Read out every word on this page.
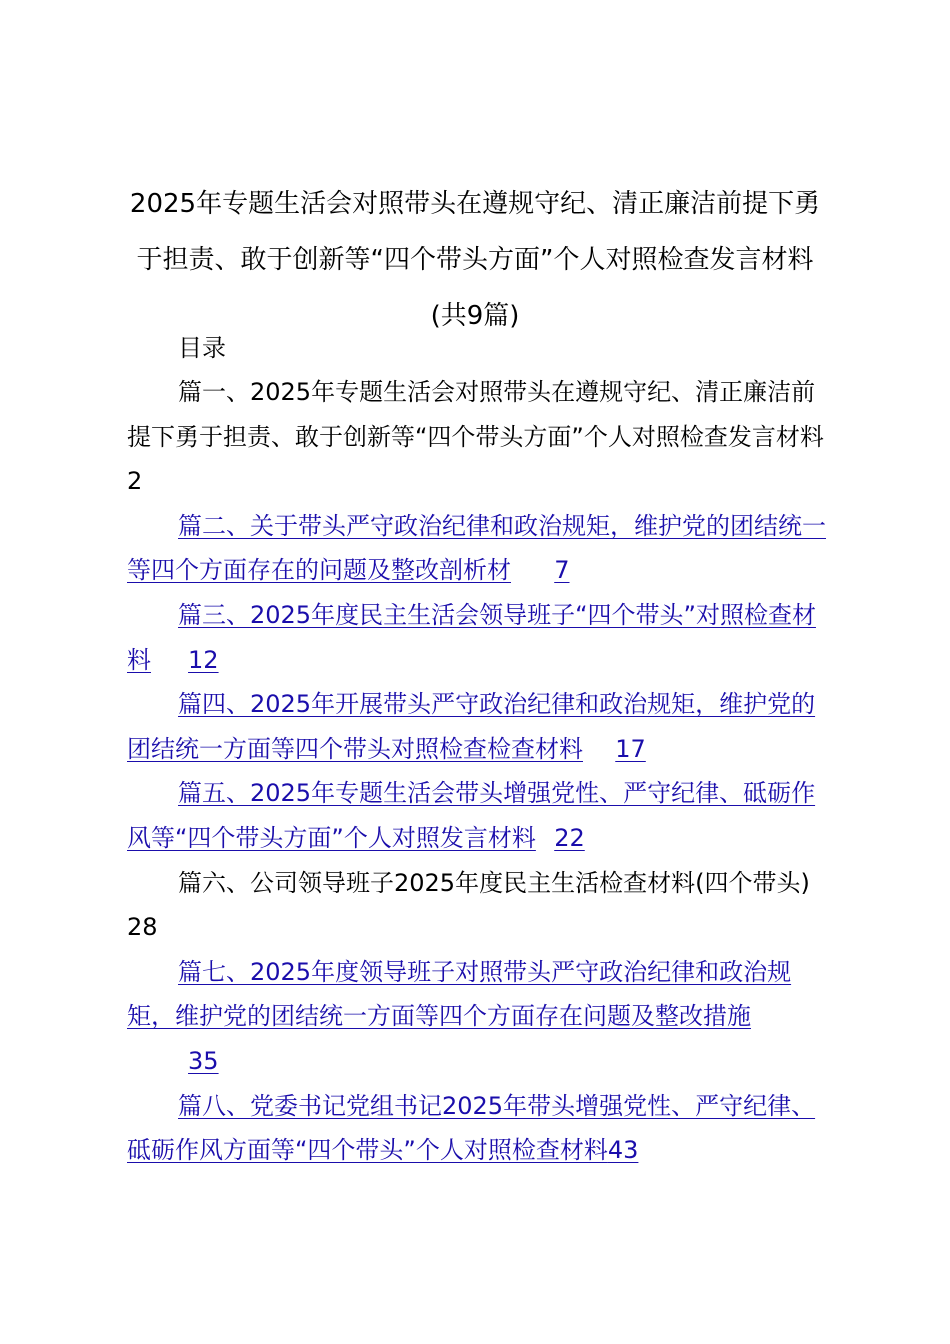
2025年专题生活会对照带头在遵规守纪、清正廉洁前提下勇于担责、敢于创新等“四个带头方面”个人对照检查发言材料(共9篇)
目录
篇一、2025年专题生活会对照带头在遵规守纪、清正廉洁前提下勇于担责、敢于创新等“四个带头方面”个人对照检查发言材料2
篇二、关于带头严守政治纪律和政治规矩，维护党的团结统一等四个方面存在的问题及整改剖析材	7
篇三、2025年度民主生活会领导班子“四个带头”对照检查材料	12
篇四、2025年开展带头严守政治纪律和政治规矩，维护党的团结统一方面等四个带头对照检查检查材料	17
篇五、2025年专题生活会带头增强党性、严守纪律、砥砺作风等“四个带头方面”个人对照发言材料	22
篇六、公司领导班子2025年度民主生活检查材料(四个带头)28
篇七、2025年度领导班子对照带头严守政治纪律和政治规矩，维护党的团结统一方面等四个方面存在问题及整改措施	35
篇八、党委书记党组书记2025年带头增强党性、严守纪律、砥砺作风方面等“四个带头”个人对照检查材料43
